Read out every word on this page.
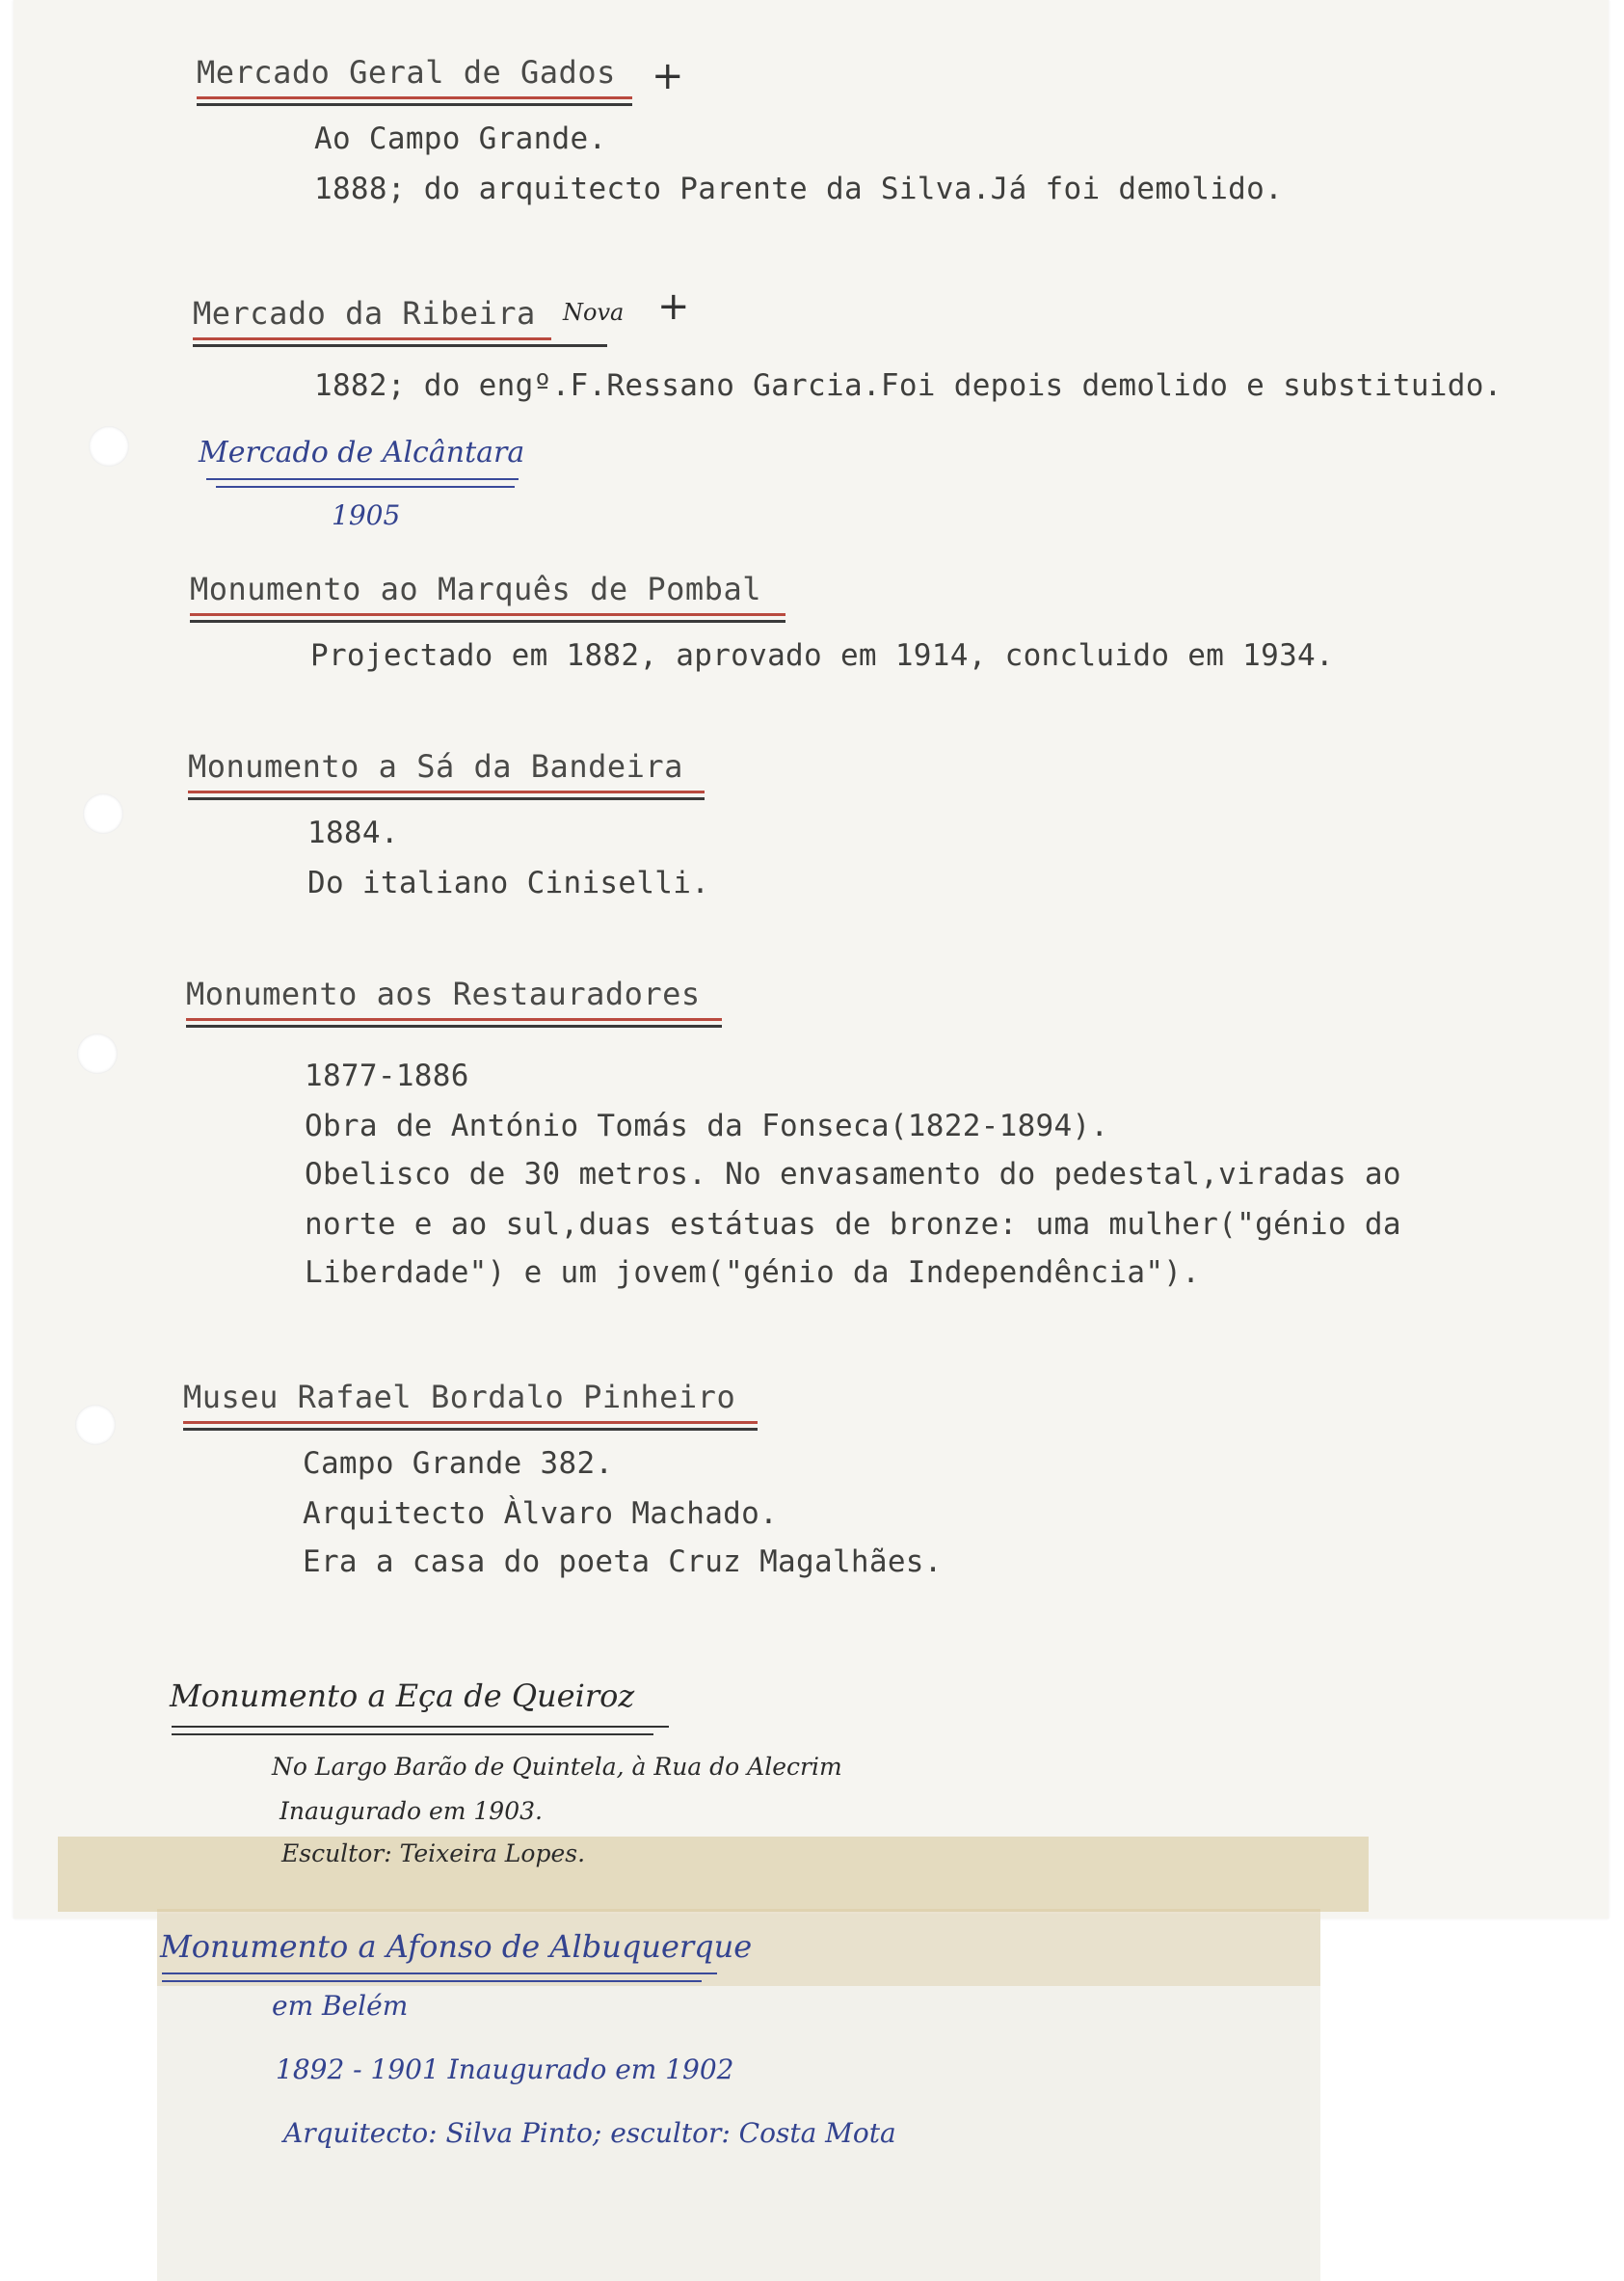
Mercado Geral de Gados +
Ao Campo Grande.
1888; do arquitecto Parente da Silva.Já foi demolido.
Mercado da Ribeira Nova +
1882; do engº.F.Ressano Garcia.Foi depois demolido e substituido.
Mercado de Alcântara
1905
Monumento ao Marquês de Pombal
Projectado em 1882, aprovado em 1914, concluido em 1934.
Monumento a Sá da Bandeira
1884.
Do italiano Ciniselli.
Monumento aos Restauradores
1877-1886
Obra de António Tomás da Fonseca(1822-1894).
Obelisco de 30 metros. No envasamento do pedestal,viradas ao
norte e ao sul,duas estátuas de bronze: uma mulher("génio da
Liberdade") e um jovem("génio da Independência").
Museu Rafael Bordalo Pinheiro
Campo Grande 382.
Arquitecto Àlvaro Machado.
Era a casa do poeta Cruz Magalhães.
Monumento a Eça de Queiroz
No Largo Barão de Quintela, à Rua do Alecrim
Inaugurado em 1903.
Escultor: Teixeira Lopes.
Monumento a Afonso de Albuquerque
em Belém
1892 - 1901 Inaugurado em 1902
Arquitecto: Silva Pinto; escultor: Costa Mota
